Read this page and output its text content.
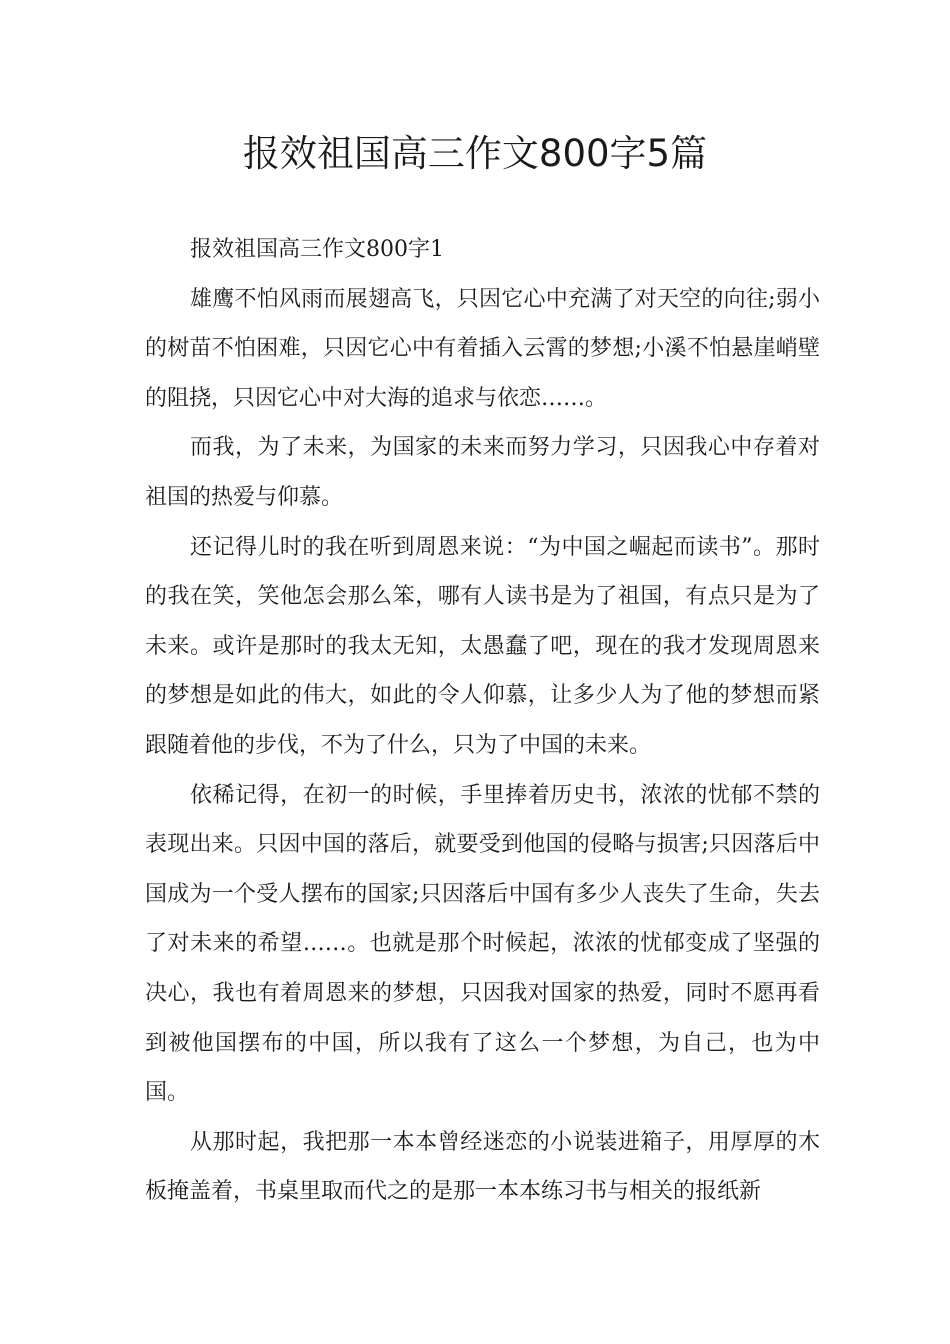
报效祖国高三作文800字5篇

报效祖国高三作文800字1

雄鹰不怕风雨而展翅高飞，只因它心中充满了对天空的向往;弱小的树苗不怕困难，只因它心中有着插入云霄的梦想;小溪不怕悬崖峭壁的阻挠，只因它心中对大海的追求与依恋……。

而我，为了未来，为国家的未来而努力学习，只因我心中存着对祖国的热爱与仰慕。

还记得儿时的我在听到周恩来说：“为中国之崛起而读书”。那时的我在笑，笑他怎会那么笨，哪有人读书是为了祖国，有点只是为了未来。或许是那时的我太无知，太愚蠢了吧，现在的我才发现周恩来的梦想是如此的伟大，如此的令人仰慕，让多少人为了他的梦想而紧跟随着他的步伐，不为了什么，只为了中国的未来。

依稀记得，在初一的时候，手里捧着历史书，浓浓的忧郁不禁的表现出来。只因中国的落后，就要受到他国的侵略与损害;只因落后中国成为一个受人摆布的国家;只因落后中国有多少人丧失了生命，失去了对未来的希望……。也就是那个时候起，浓浓的忧郁变成了坚强的决心，我也有着周恩来的梦想，只因我对国家的热爱，同时不愿再看到被他国摆布的中国，所以我有了这么一个梦想，为自己，也为中国。

从那时起，我把那一本本曾经迷恋的小说装进箱子，用厚厚的木板掩盖着，书桌里取而代之的是那一本本练习书与相关的报纸新
